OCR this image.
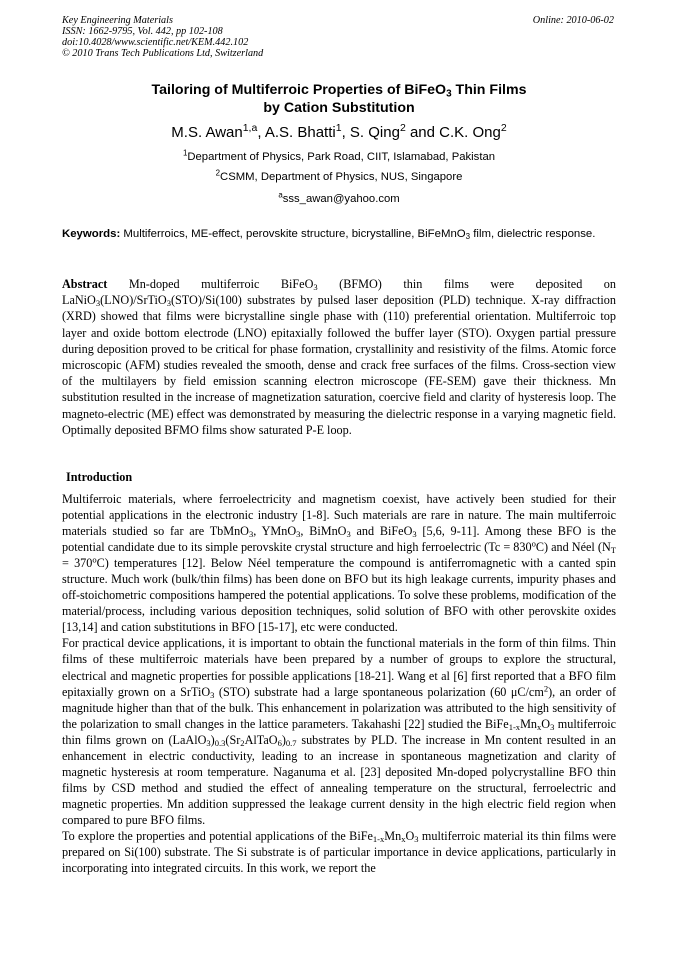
Key Engineering Materials
ISSN: 1662-9795, Vol. 442, pp 102-108
doi:10.4028/www.scientific.net/KEM.442.102
© 2010 Trans Tech Publications Ltd, Switzerland
Online: 2010-06-02
Tailoring of Multiferroic Properties of BiFeO$_3$ Thin Films
by Cation Substitution
M.S. Awan$^{1,a}$, A.S. Bhatti$^1$, S. Qing$^2$ and C.K. Ong$^2$
$^1$Department of Physics, Park Road, CIIT, Islamabad, Pakistan
$^2$CSMM, Department of Physics, NUS, Singapore
$^a$sss_awan@yahoo.com
Keywords: Multiferroics, ME-effect, perovskite structure, bicrystalline, BiFeMnO$_3$ film, dielectric response.
Abstract Mn-doped multiferroic BiFeO$_3$ (BFMO) thin films were deposited on LaNiO$_3$(LNO)/SrTiO$_3$(STO)/Si(100) substrates by pulsed laser deposition (PLD) technique. X-ray diffraction (XRD) showed that films were bicrystalline single phase with (110) preferential orientation. Multiferroic top layer and oxide bottom electrode (LNO) epitaxially followed the buffer layer (STO). Oxygen partial pressure during deposition proved to be critical for phase formation, crystallinity and resistivity of the films. Atomic force microscopic (AFM) studies revealed the smooth, dense and crack free surfaces of the films. Cross-section view of the multilayers by field emission scanning electron microscope (FE-SEM) gave their thickness. Mn substitution resulted in the increase of magnetization saturation, coercive field and clarity of hysteresis loop. The magneto-electric (ME) effect was demonstrated by measuring the dielectric response in a varying magnetic field. Optimally deposited BFMO films show saturated P-E loop.
Introduction

Multiferroic materials, where ferroelectricity and magnetism coexist, have actively been studied for their potential applications in the electronic industry [1-8]. Such materials are rare in nature. The main multiferroic materials studied so far are TbMnO$_3$, YMnO$_3$, BiMnO$_3$ and BiFeO$_3$ [5,6, 9-11]. Among these BFO is the potential candidate due to its simple perovskite crystal structure and high ferroelectric $(Tc = 830^oC)$ and Néel $(N_T = 370^oC)$ temperatures [12]. Below Néel temperature the compound is antiferromagnetic with a canted spin structure. Much work (bulk/thin films) has been done on BFO but its high leakage currents, impurity phases and off-stoichometric compositions hampered the potential applications. To solve these problems, modification of the material/process, including various deposition techniques, solid solution of BFO with other perovskite oxides [13,14] and cation substitutions in BFO [15-17], etc were conducted.

For practical device applications, it is important to obtain the functional materials in the form of thin films. Thin films of these multiferroic materials have been prepared by a number of groups to explore the structural, electrical and magnetic properties for possible applications [18-21]. Wang et al [6] first reported that a BFO film epitaxially grown on a SrTiO$_3$ (STO) substrate had a large spontaneous polarization (60 $\mu C/cm^2$), an order of magnitude higher than that of the bulk. This enhancement in polarization was attributed to the high sensitivity of the polarization to small changes in the lattice parameters. Takahashi [22] studied the $BiFe_{1-x}Mn_xO_3$ multiferroic thin films grown on $(LaAlO_3)_{0.3}(Sr_2AlTaO_6)_{0.7}$ substrates by PLD. The increase in Mn content resulted in an enhancement in electric conductivity, leading to an increase in spontaneous magnetization and clarity of magnetic hysteresis at room temperature. Naganuma et al. [23] deposited Mn-doped polycrystalline BFO thin films by CSD method and studied the effect of annealing temperature on the structural, ferroelectric and magnetic properties. Mn addition suppressed the leakage current density in the high electric field region when compared to pure BFO films.

To explore the properties and potential applications of the $BiFe_{1-x}Mn_xO_3$ multiferroic material its thin films were prepared on Si(100) substrate. The Si substrate is of particular importance in device applications, particularly in incorporating into integrated circuits. In this work, we report the
